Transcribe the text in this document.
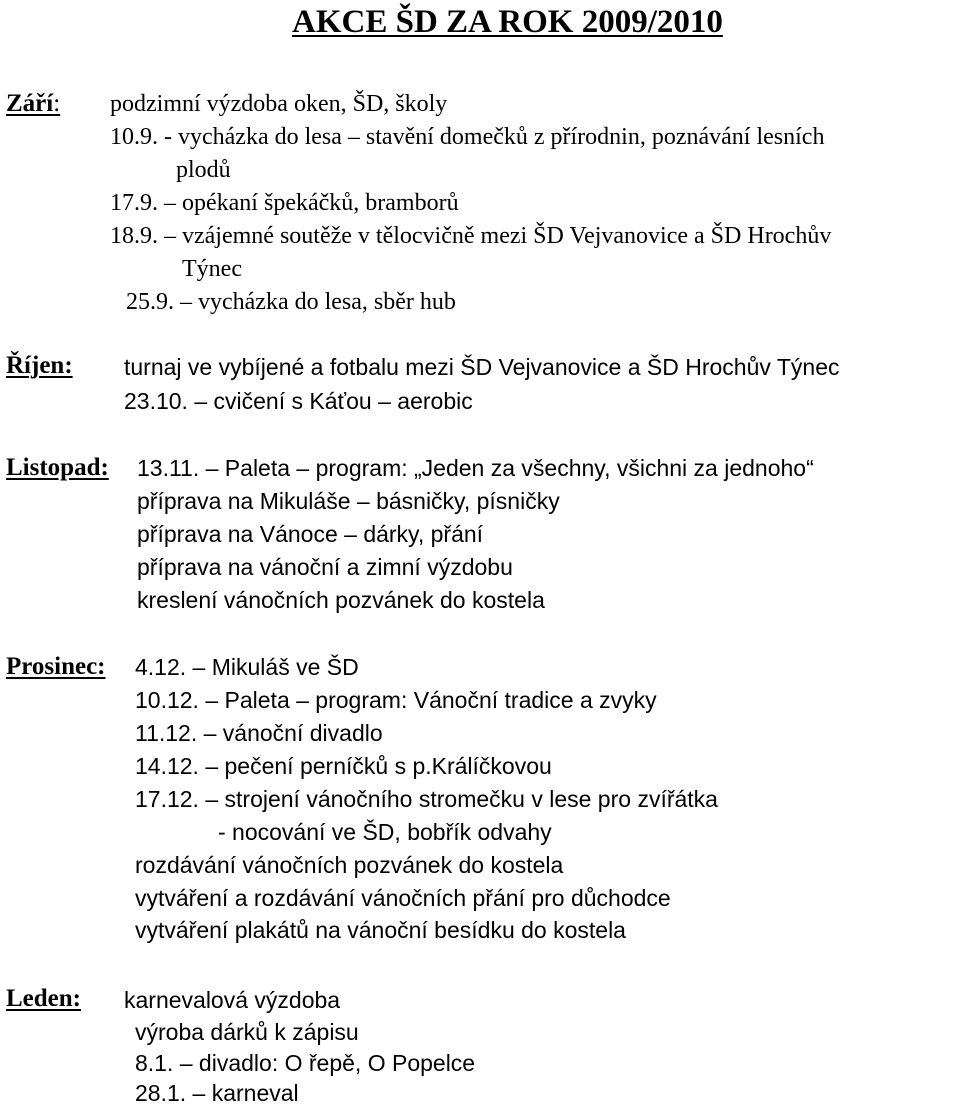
AKCE ŠD ZA ROK 2009/2010
Září: podzimní výzdoba oken, ŠD, školy
10.9. - vycházka do lesa – stavění domečků z přírodnin, poznávání lesních
plodů
17.9. – opékaní špekáčků, bramborů
18.9. – vzájemné soutěže v tělocvičně mezi ŠD Vejvanovice a ŠD Hrochův
Týnec
25.9. – vycházka do lesa, sběr hub
Říjen: turnaj ve vybíjené a fotbalu mezi ŠD Vejvanovice a ŠD Hrochův Týnec
23.10. – cvičení s Káťou – aerobic
Listopad: 13.11. – Paleta – program: „Jeden za všechny, všichni za jednoho“
příprava na Mikuláše – básničky, písničky
příprava na Vánoce – dárky, přání
příprava na vánoční a zimní výzdobu
kreslení vánočních pozvánek do kostela
Prosinec: 4.12. – Mikuláš ve ŠD
10.12. – Paleta – program: Vánoční tradice a zvyky
11.12. – vánoční divadlo
14.12. – pečení perníčků s p.Králíčkovou
17.12. – strojení vánočního stromečku v lese pro zvířátka
- nocování ve ŠD, bobřík odvahy
rozdávání vánočních pozvánek do kostela
vytváření a rozdávání vánočních přání pro důchodce
vytváření plakátů na vánoční besídku do kostela
Leden: karnevalová výzdoba
výroba dárků k zápisu
8.1. – divadlo: O řepě, O Popelce
28.1. – karneval
